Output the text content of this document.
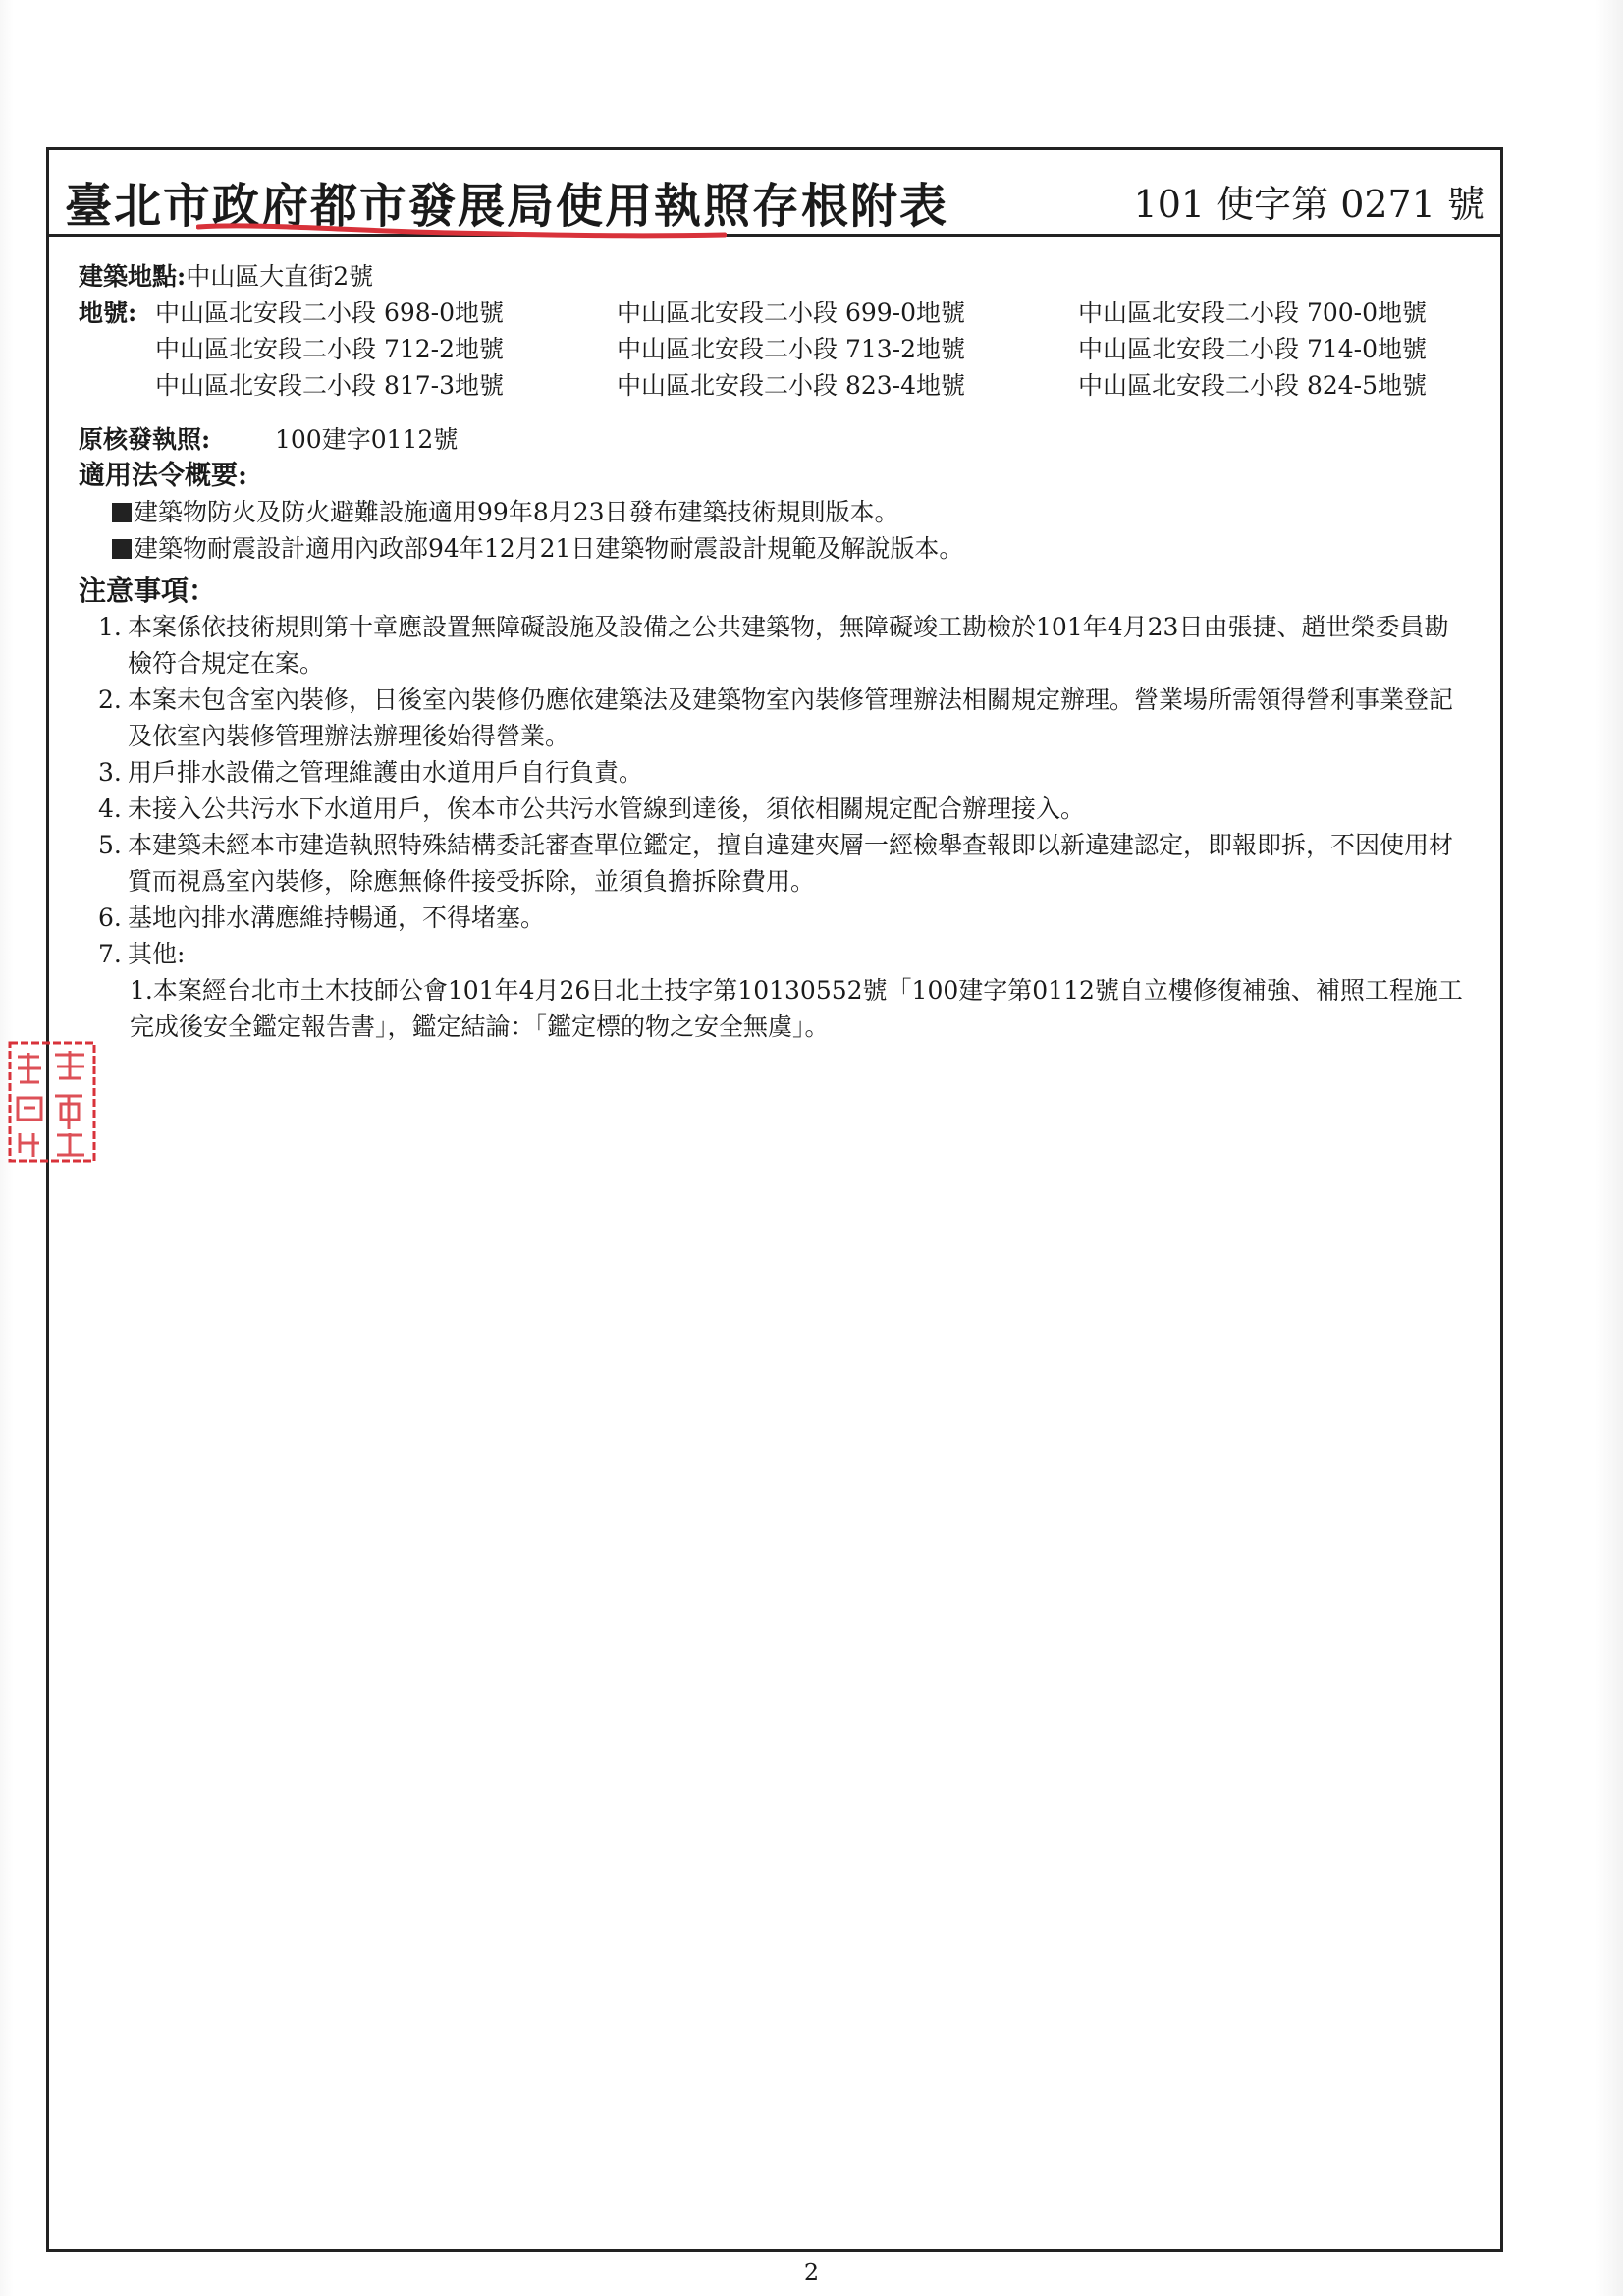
臺北市政府都市發展局使用執照存根附表	101 使字第 0271 號
建築地點: 中山區大直街2號
地號: 中山區北安段二小段 698-0地號	中山區北安段二小段 699-0地號	中山區北安段二小段 700-0地號
中山區北安段二小段 712-2地號	中山區北安段二小段 713-2地號	中山區北安段二小段 714-0地號
中山區北安段二小段 817-3地號	中山區北安段二小段 823-4地號	中山區北安段二小段 824-5地號
原核發執照:	100建字0112號
適用法令概要:
建築物防火及防火避難設施適用99年8月23日發布建築技術規則版本。
建築物耐震設計適用內政部94年12月21日建築物耐震設計規範及解說版本。
注意事項：
1. 本案係依技術規則第十章應設置無障礙設施及設備之公共建築物，無障礙竣工勘檢於101年4月23日由張捷、趙世榮委員勘檢符合規定在案。
2. 本案未包含室內裝修，日後室內裝修仍應依建築法及建築物室內裝修管理辦法相關規定辦理。營業場所需領得營利事業登記及依室內裝修管理辦法辦理後始得營業。
3. 用戶排水設備之管理維護由水道用戶自行負責。
4. 未接入公共污水下水道用戶，俟本市公共污水管線到達後，須依相關規定配合辦理接入。
5. 本建築未經本市建造執照特殊結構委託審查單位鑑定，擅自違建夾層一經檢舉查報即以新違建認定，即報即拆，不因使用材質而視爲室內裝修，除應無條件接受拆除，並須負擔拆除費用。
6. 基地內排水溝應維持暢通，不得堵塞。
7. 其他:
1.本案經台北市土木技師公會101年4月26日北土技字第10130552號「100建字第0112號自立樓修復補強、補照工程施工完成後安全鑑定報告書」，鑑定結論：「鑑定標的物之安全無虞」。
2
